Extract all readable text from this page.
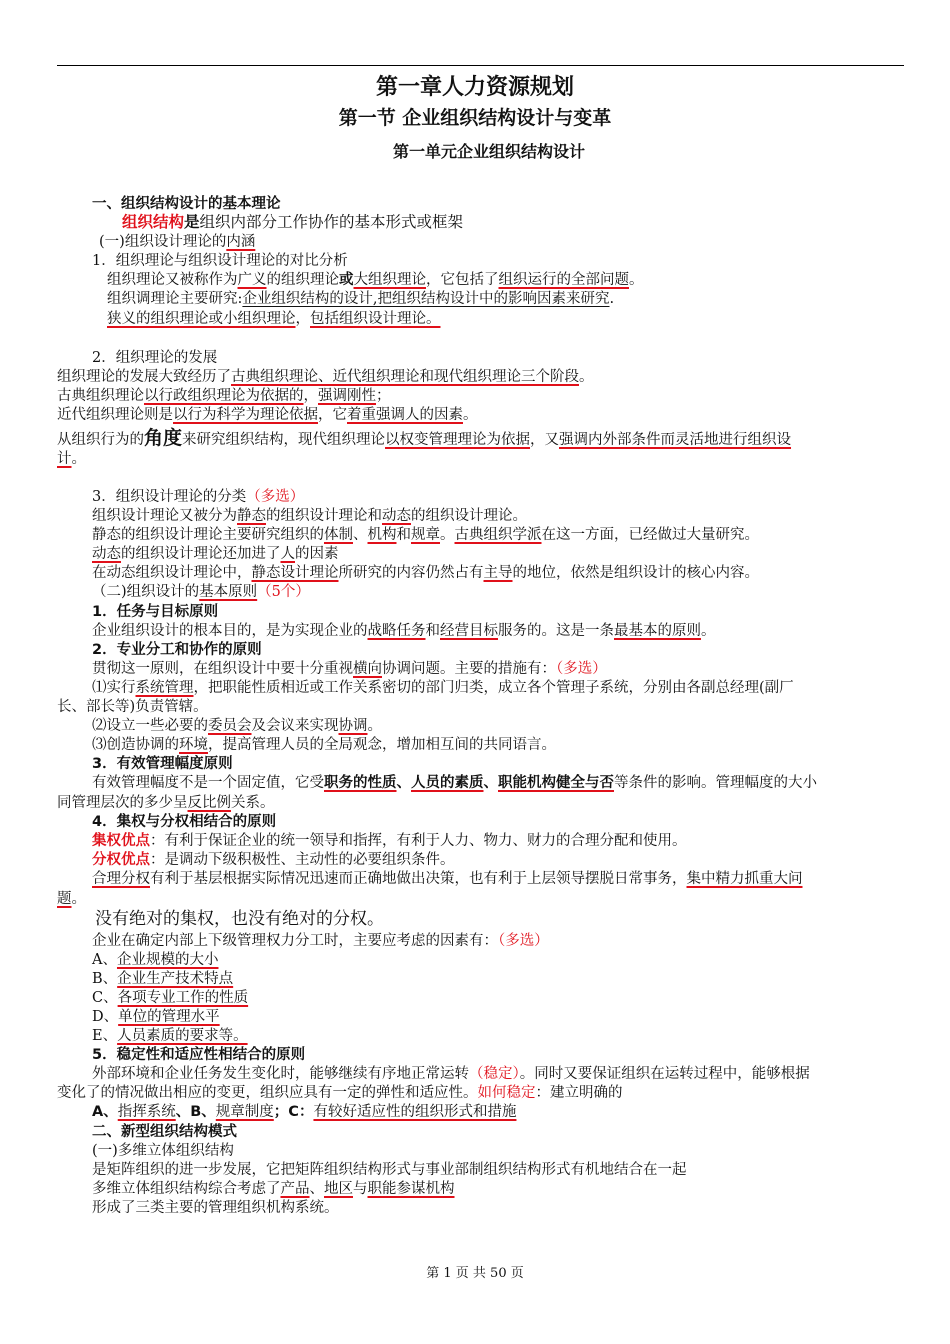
第一章人力资源规划
第一节 企业组织结构设计与变革
第一单元企业组织结构设计
一、组织结构设计的基本理论
组织结构是组织内部分工作协作的基本形式或框架
(一)组织设计理论的内涵
1．组织理论与组织设计理论的对比分析
组织理论又被称作为广义的组织理论或大组织理论，它包括了组织运行的全部问题。
组织调理论主要研究:企业组织结构的设计,把组织结构设计中的影响因素来研究.
狭义的组织理论或小组织理论，包括组织设计理论。
2．组织理论的发展
组织理论的发展大致经历了古典组织理论、近代组织理论和现代组织理论三个阶段。
古典组织理论以行政组织理论为依据的，强调刚性；
近代组织理论则是以行为科学为理论依据，它着重强调人的因素。
从组织行为的角度来研究组织结构，现代组织理论以权变管理理论为依据，又强调内外部条件而灵活地进行组织设
计。
3．组织设计理论的分类（多选）
组织设计理论又被分为静态的组织设计理论和动态的组织设计理论。
静态的组织设计理论主要研究组织的体制、机构和规章。古典组织学派在这一方面，已经做过大量研究。
动态的组织设计理论还加进了人的因素
在动态组织设计理论中，静态设计理论所研究的内容仍然占有主导的地位，依然是组织设计的核心内容。
（二)组织设计的基本原则（5个）
1．任务与目标原则
企业组织设计的根本目的，是为实现企业的战略任务和经营目标服务的。这是一条最基本的原则。
2．专业分工和协作的原则
贯彻这一原则，在组织设计中要十分重视横向协调问题。主要的措施有：（多选）
⑴实行系统管理，把职能性质相近或工作关系密切的部门归类，成立各个管理子系统，分别由各副总经理(副厂
长、部长等)负责管辖。
⑵设立一些必要的委员会及会议来实现协调。
⑶创造协调的环境，提高管理人员的全局观念，增加相互间的共同语言。
3．有效管理幅度原则
有效管理幅度不是一个固定值，它受职务的性质、人员的素质、职能机构健全与否等条件的影响。管理幅度的大小
同管理层次的多少呈反比例关系。
4．集权与分权相结合的原则
集权优点：有利于保证企业的统一领导和指挥，有利于人力、物力、财力的合理分配和使用。
分权优点：是调动下级积极性、主动性的必要组织条件。
合理分权有利于基层根据实际情况迅速而正确地做出决策，也有利于上层领导摆脱日常事务，集中精力抓重大问
题。
没有绝对的集权，也没有绝对的分权。
企业在确定内部上下级管理权力分工时，主要应考虑的因素有：（多选）
A、企业规模的大小
B、企业生产技术特点
C、各项专业工作的性质
D、单位的管理水平
E、人员素质的要求等。
5．稳定性和适应性相结合的原则
外部环境和企业任务发生变化时，能够继续有序地正常运转（稳定）。同时又要保证组织在运转过程中，能够根据
变化了的情况做出相应的变更，组织应具有一定的弹性和适应性。如何稳定：建立明确的
A、指挥系统、B、规章制度；C：有较好适应性的组织形式和措施
二、新型组织结构模式
(一)多维立体组织结构
是矩阵组织的进一步发展，它把矩阵组织结构形式与事业部制组织结构形式有机地结合在一起
多维立体组织结构综合考虑了产品、地区与职能参谋机构
形成了三类主要的管理组织机构系统。
第 1 页 共 50 页
